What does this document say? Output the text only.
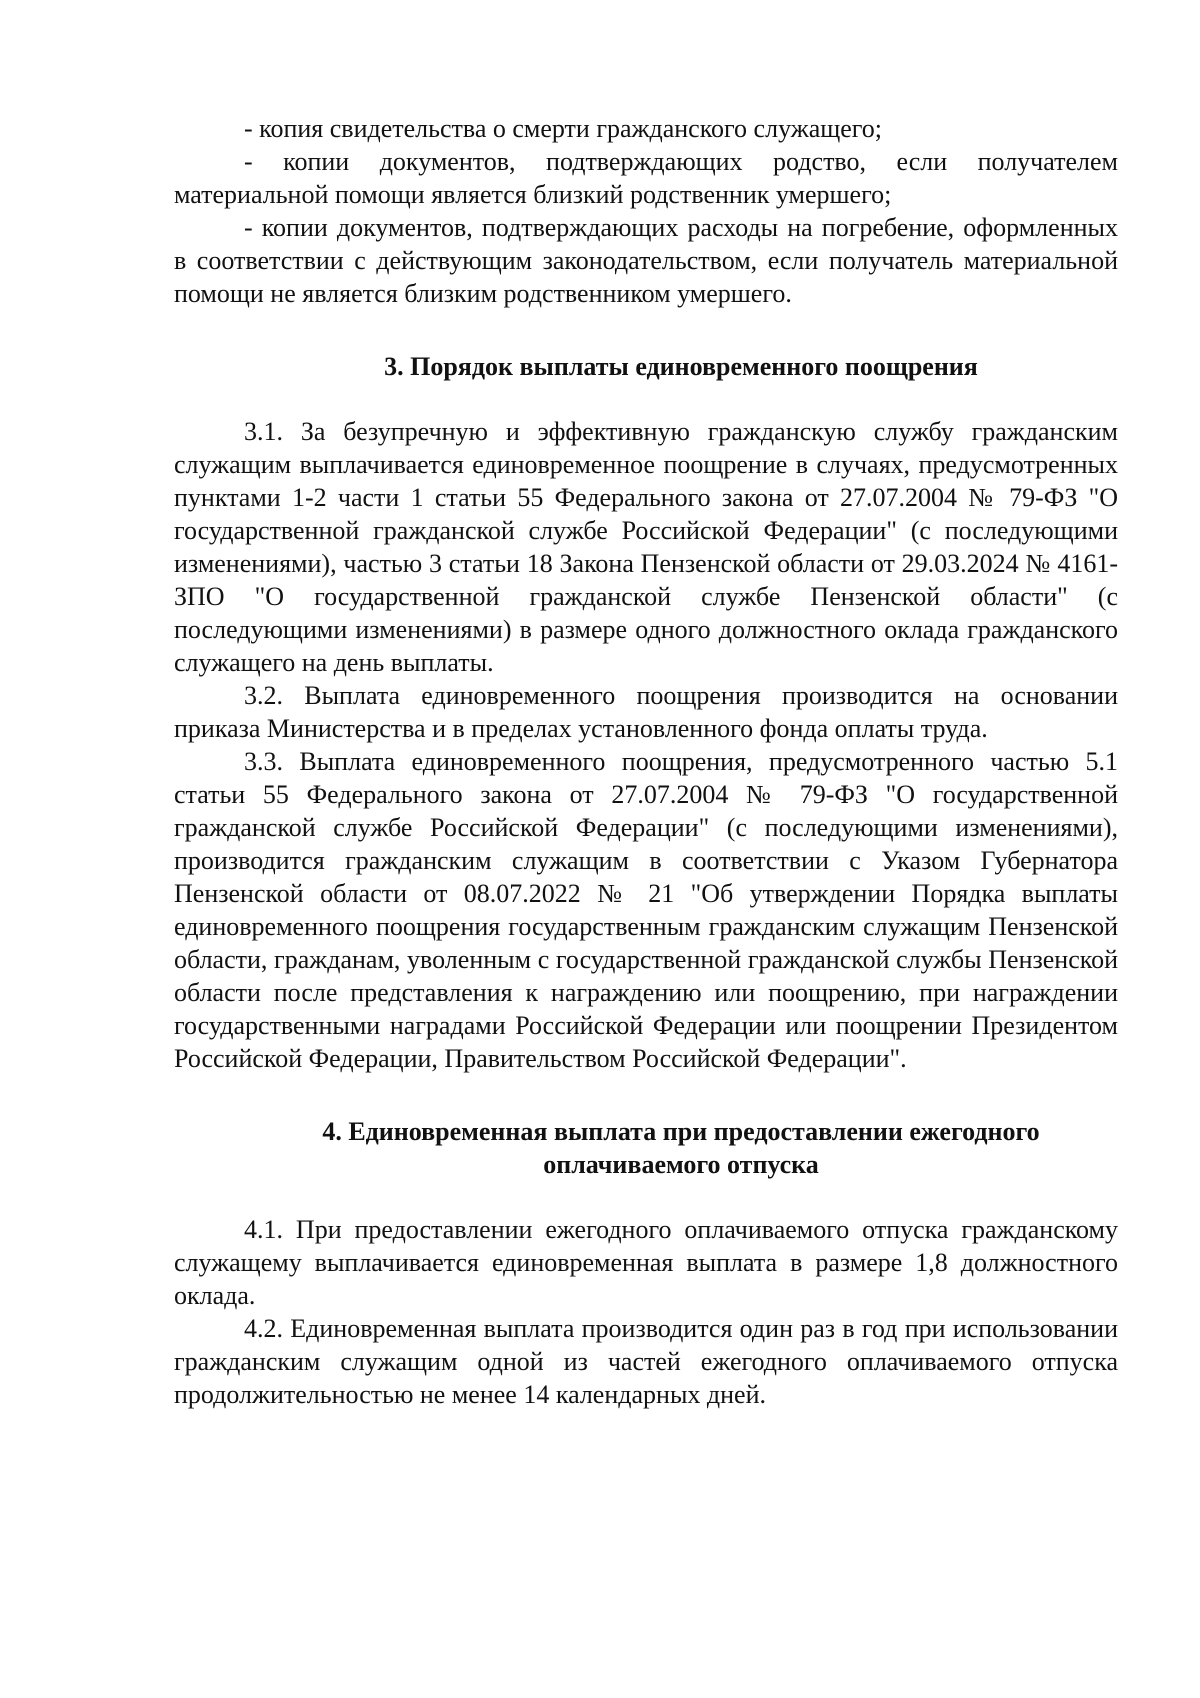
- копия свидетельства о смерти гражданского служащего;

- копии документов, подтверждающих родство, если получателем материальной помощи является близкий родственник умершего;

- копии документов, подтверждающих расходы на погребение, оформленных в соответствии с действующим законодательством, если получатель материальной помощи не является близким родственником умершего.

3. Порядок выплаты единовременного поощрения

3.1. За безупречную и эффективную гражданскую службу гражданским служащим выплачивается единовременное поощрение в случаях, предусмотренных пунктами 1-2 части 1 статьи 55 Федерального закона от 27.07.2004 № 79-ФЗ "О государственной гражданской службе Российской Федерации" (с последующими изменениями), частью 3 статьи 18 Закона Пензенской области от 29.03.2024 № 4161-ЗПО "О государственной гражданской службе Пензенской области" (с последующими изменениями) в размере одного должностного оклада гражданского служащего на день выплаты.

3.2. Выплата единовременного поощрения производится на основании приказа Министерства и в пределах установленного фонда оплаты труда.

3.3. Выплата единовременного поощрения, предусмотренного частью 5.1 статьи 55 Федерального закона от 27.07.2004 № 79-ФЗ "О государственной гражданской службе Российской Федерации" (с последующими изменениями), производится гражданским служащим в соответствии с Указом Губернатора Пензенской области от 08.07.2022 № 21 "Об утверждении Порядка выплаты единовременного поощрения государственным гражданским служащим Пензенской области, гражданам, уволенным с государственной гражданской службы Пензенской области после представления к награждению или поощрению, при награждении государственными наградами Российской Федерации или поощрении Президентом Российской Федерации, Правительством Российской Федерации".

4. Единовременная выплата при предоставлении ежегодного
оплачиваемого отпуска

4.1. При предоставлении ежегодного оплачиваемого отпуска гражданскому служащему выплачивается единовременная выплата в размере 1,8 должностного оклада.

4.2. Единовременная выплата производится один раз в год при использовании гражданским служащим одной из частей ежегодного оплачиваемого отпуска продолжительностью не менее 14 календарных дней.
